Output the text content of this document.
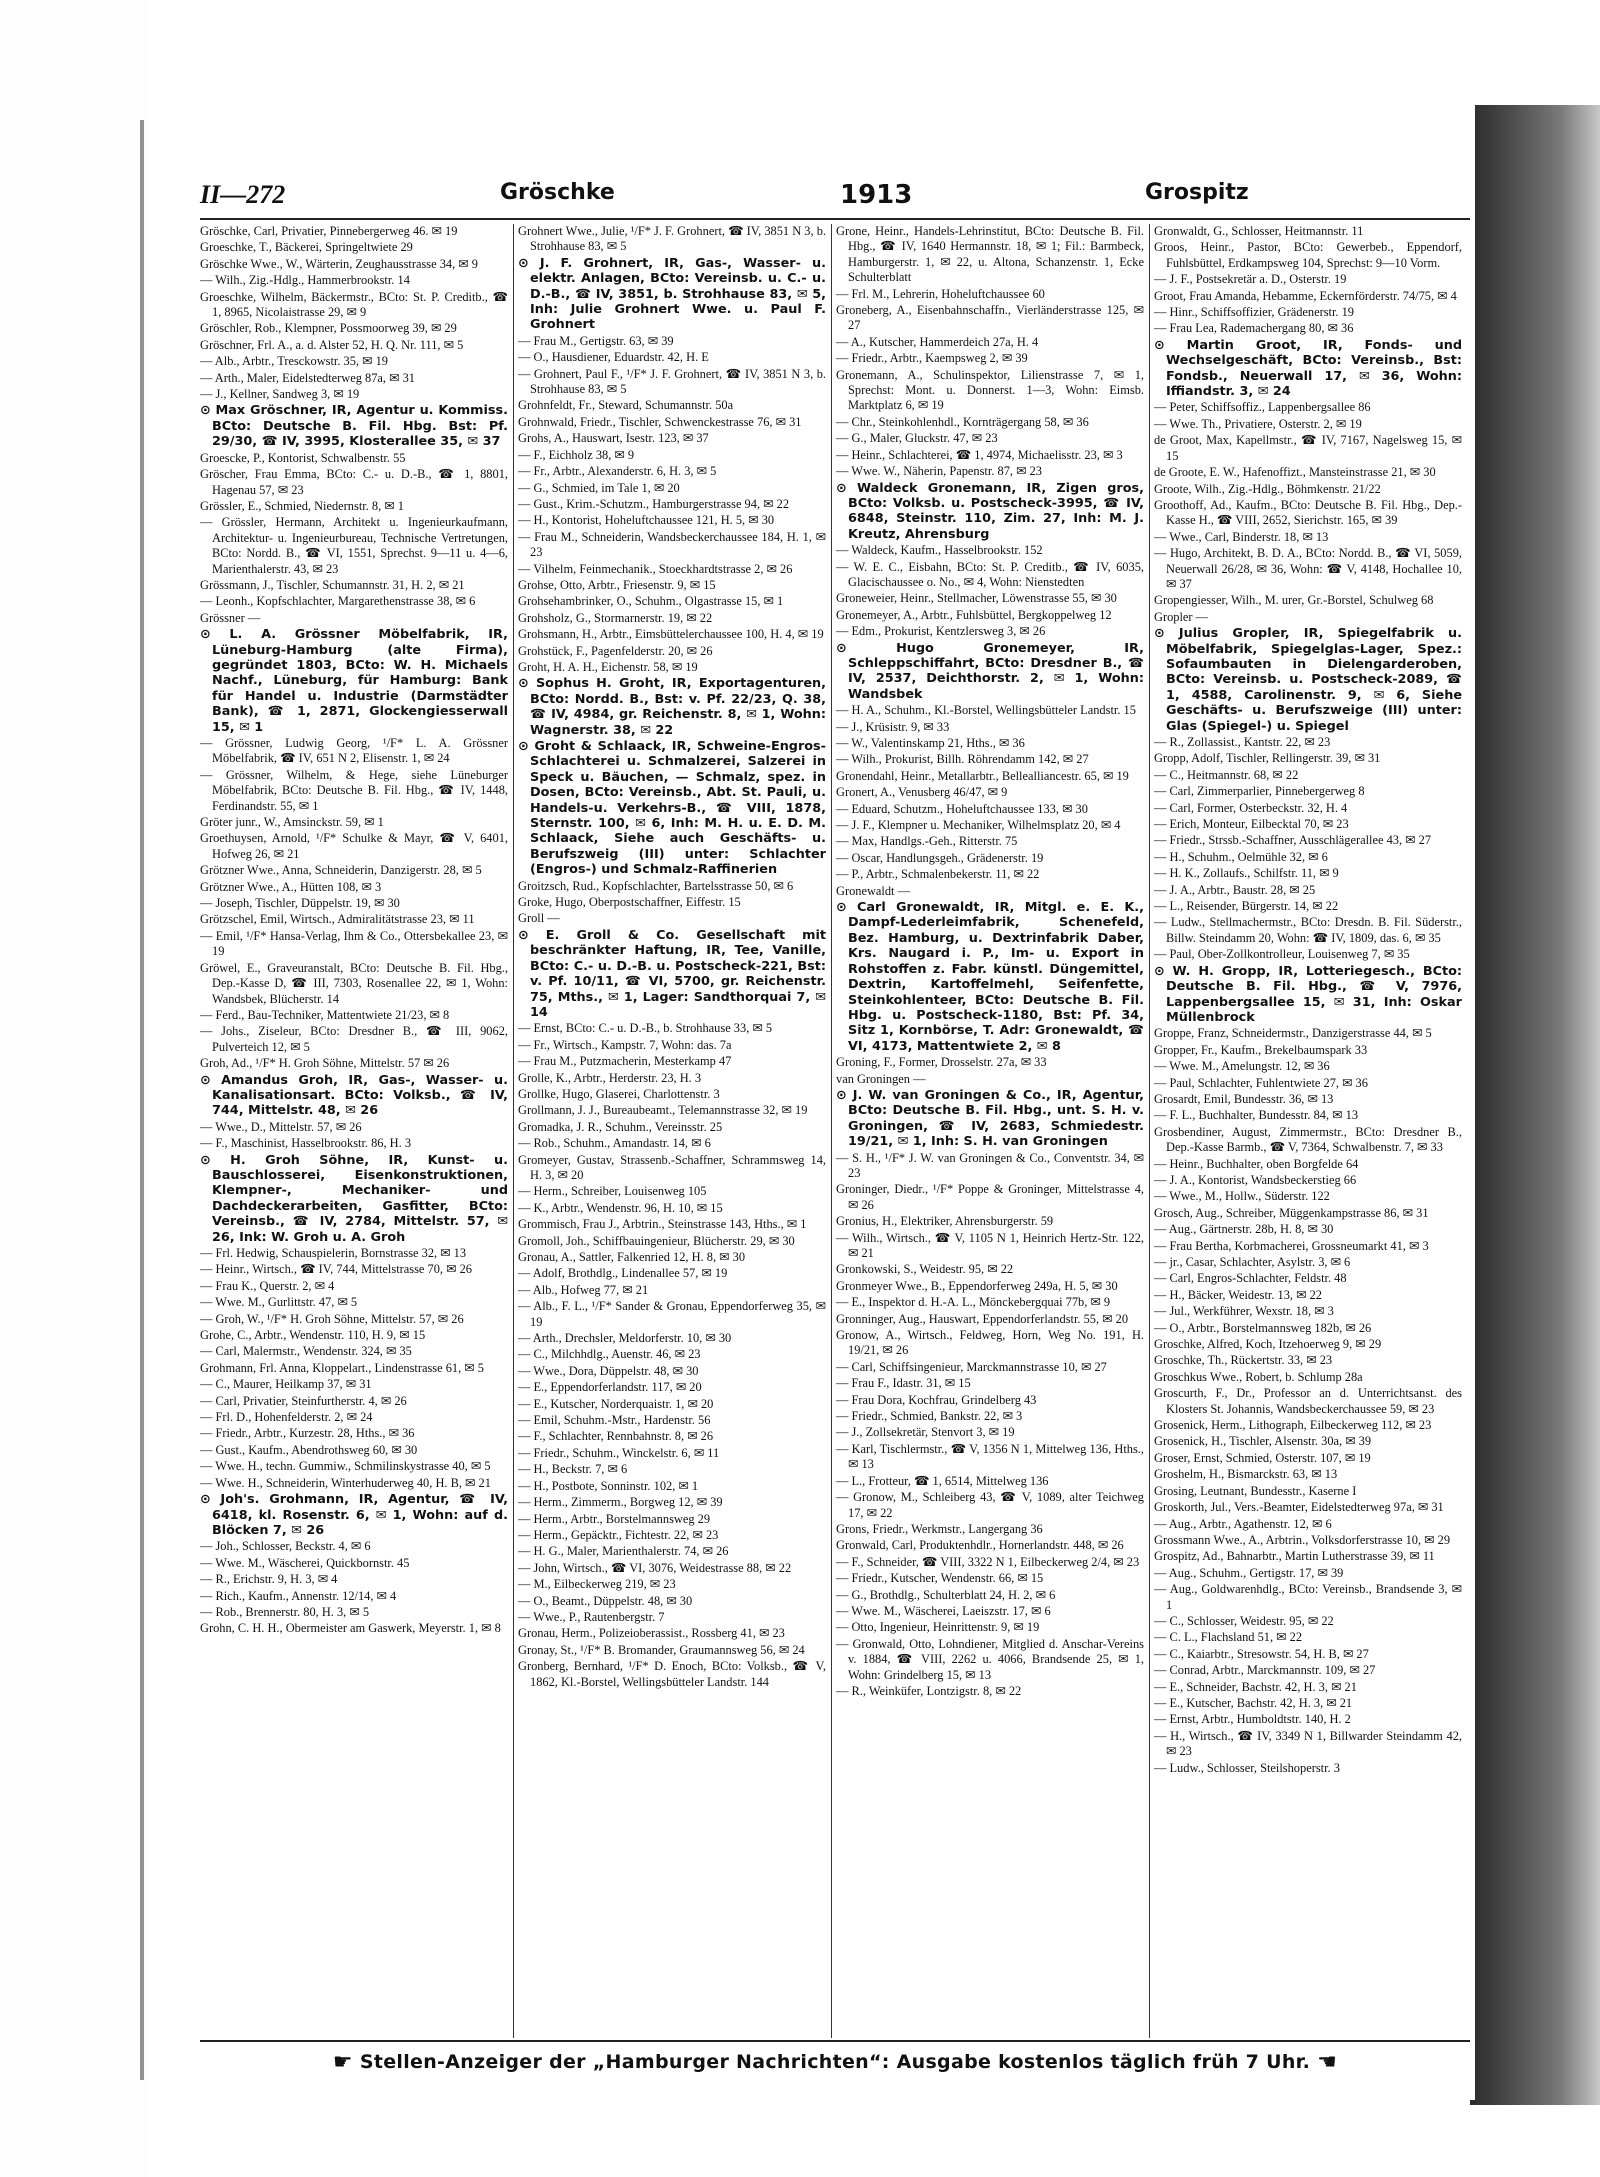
II—272	Gröschke	1913	Grospitz

Gröschke, Carl, Privatier, Pinnebergerweg 46. ✉ 19

Groeschke, T., Bäckerei, Springeltwiete 29

Gröschke Wwe., W., Wärterin, Zeughausstrasse 34, ✉ 9

— Wilh., Zig.-Hdlg., Hammerbrookstr. 14

Groeschke, Wilhelm, Bäckermstr., BCto: St. P. Creditb., ☎ 1, 8965, Nicolaistrasse 29, ✉ 9

Gröschler, Rob., Klempner, Possmoorweg 39, ✉ 29

Gröschner, Frl. A., a. d. Alster 52, H. Q. Nr. 111, ✉ 5

— Alb., Arbtr., Tresckowstr. 35, ✉ 19

— Arth., Maler, Eidelstedterweg 87a, ✉ 31

— J., Kellner, Sandweg 3, ✉ 19

⊙ Max Gröschner, IR, Agentur u. Kommiss. BCto: Deutsche B. Fil. Hbg. Bst: Pf. 29/30, ☎ IV, 3995, Klosterallee 35, ✉ 37

Groescke, P., Kontorist, Schwalbenstr. 55

Gröscher, Frau Emma, BCto: C.- u. D.-B., ☎ 1, 8801, Hagenau 57, ✉ 23

Grössler, E., Schmied, Niedernstr. 8, ✉ 1

— Grössler, Hermann, Architekt u. Ingenieurkaufmann, Architektur- u. Ingenieurbureau, Technische Vertretungen, BCto: Nordd. B., ☎ VI, 1551, Sprechst. 9—11 u. 4—6, Marienthalerstr. 43, ✉ 23

Grössmann, J., Tischler, Schumannstr. 31, H. 2, ✉ 21

— Leonh., Kopfschlachter, Margarethenstrasse 38, ✉ 6

Grössner —

⊙ L. A. Grössner Möbelfabrik, IR, Lüneburg-Hamburg (alte Firma), gegründet 1803, BCto: W. H. Michaels Nachf., Lüneburg, für Hamburg: Bank für Handel u. Industrie (Darmstädter Bank), ☎ 1, 2871, Glockengiesserwall 15, ✉ 1

— Grössner, Ludwig Georg, ¹/F* L. A. Grössner Möbelfabrik, ☎ IV, 651 N 2, Elisenstr. 1, ✉ 24

— Grössner, Wilhelm, & Hege, siehe Lüneburger Möbelfabrik, BCto: Deutsche B. Fil. Hbg., ☎ IV, 1448, Ferdinandstr. 55, ✉ 1

Gröter junr., W., Amsinckstr. 59, ✉ 1

Groethuysen, Arnold, ¹/F* Schulke & Mayr, ☎ V, 6401, Hofweg 26, ✉ 21

Grötzner Wwe., Anna, Schneiderin, Danzigerstr. 28, ✉ 5

Grötzner Wwe., A., Hütten 108, ✉ 3

— Joseph, Tischler, Düppelstr. 19, ✉ 30

Grötzschel, Emil, Wirtsch., Admiralitätstrasse 23, ✉ 11

— Emil, ¹/F* Hansa-Verlag, Ihm & Co., Ottersbekallee 23, ✉ 19

Gröwel, E., Graveuranstalt, BCto: Deutsche B. Fil. Hbg., Dep.-Kasse D, ☎ III, 7303, Rosenallee 22, ✉ 1, Wohn: Wandsbek, Blücherstr. 14

— Ferd., Bau-Techniker, Mattentwiete 21/23, ✉ 8

— Johs., Ziseleur, BCto: Dresdner B., ☎ III, 9062, Pulverteich 12, ✉ 5

Groh, Ad., ¹/F* H. Groh Söhne, Mittelstr. 57 ✉ 26

⊙ Amandus Groh, IR, Gas-, Wasser- u. Kanalisationsart. BCto: Volksb., ☎ IV, 744, Mittelstr. 48, ✉ 26

— Wwe., D., Mittelstr. 57, ✉ 26

— F., Maschinist, Hasselbrookstr. 86, H. 3

⊙ H. Groh Söhne, IR, Kunst- u. Bauschlosserei, Eisenkonstruktionen, Klempner-, Mechaniker- und Dachdeckerarbeiten, Gasfitter, BCto: Vereinsb., ☎ IV, 2784, Mittelstr. 57, ✉ 26, Ink: W. Groh u. A. Groh

— Frl. Hedwig, Schauspielerin, Bornstrasse 32, ✉ 13

— Heinr., Wirtsch., ☎ IV, 744, Mittelstrasse 70, ✉ 26

— Frau K., Querstr. 2, ✉ 4

— Wwe. M., Gurlittstr. 47, ✉ 5

— Groh, W., ¹/F* H. Groh Söhne, Mittelstr. 57, ✉ 26

Grohe, C., Arbtr., Wendenstr. 110, H. 9, ✉ 15

— Carl, Malermstr., Wendenstr. 324, ✉ 35

Grohmann, Frl. Anna, Kloppelart., Lindenstrasse 61, ✉ 5

— C., Maurer, Heilkamp 37, ✉ 31

— Carl, Privatier, Steinfurtherstr. 4, ✉ 26

— Frl. D., Hohenfelderstr. 2, ✉ 24

— Friedr., Arbtr., Kurzestr. 28, Hths., ✉ 36

— Gust., Kaufm., Abendrothsweg 60, ✉ 30

— Wwe. H., techn. Gummiw., Schmilinskystrasse 40, ✉ 5

— Wwe. H., Schneiderin, Winterhuderweg 40, H. B, ✉ 21

⊙ Joh's. Grohmann, IR, Agentur, ☎ IV, 6418, kl. Rosenstr. 6, ✉ 1, Wohn: auf d. Blöcken 7, ✉ 26

— Joh., Schlosser, Beckstr. 4, ✉ 6

— Wwe. M., Wäscherei, Quickbornstr. 45

— R., Erichstr. 9, H. 3, ✉ 4

— Rich., Kaufm., Annenstr. 12/14, ✉ 4

— Rob., Brennerstr. 80, H. 3, ✉ 5

Grohn, C. H. H., Obermeister am Gaswerk, Meyerstr. 1, ✉ 8

Grohnert Wwe., Julie, ¹/F* J. F. Grohnert, ☎ IV, 3851 N 3, b. Strohhause 83, ✉ 5

⊙ J. F. Grohnert, IR, Gas-, Wasser- u. elektr. Anlagen, BCto: Vereinsb. u. C.- u. D.-B., ☎ IV, 3851, b. Strohhause 83, ✉ 5, Inh: Julie Grohnert Wwe. u. Paul F. Grohnert

— Frau M., Gertigstr. 63, ✉ 39

— O., Hausdiener, Eduardstr. 42, H. E

— Grohnert, Paul F., ¹/F* J. F. Grohnert, ☎ IV, 3851 N 3, b. Strohhause 83, ✉ 5

Grohnfeldt, Fr., Steward, Schumannstr. 50a

Grohnwald, Friedr., Tischler, Schwenckestrasse 76, ✉ 31

Grohs, A., Hauswart, Isestr. 123, ✉ 37

— F., Eichholz 38, ✉ 9

— Fr., Arbtr., Alexanderstr. 6, H. 3, ✉ 5

— G., Schmied, im Tale 1, ✉ 20

— Gust., Krim.-Schutzm., Hamburgerstrasse 94, ✉ 22

— H., Kontorist, Hoheluftchaussee 121, H. 5, ✉ 30

— Frau M., Schneiderin, Wandsbeckerchaussee 184, H. 1, ✉ 23

— Vilhelm, Feinmechanik., Stoeckhardtstrasse 2, ✉ 26

Grohse, Otto, Arbtr., Friesenstr. 9, ✉ 15

Grohsehambrinker, O., Schuhm., Olgastrasse 15, ✉ 1

Grohsholz, G., Stormarnerstr. 19, ✉ 22

Grohsmann, H., Arbtr., Eimsbüttelerchaussee 100, H. 4, ✉ 19

Grohstück, F., Pagenfelderstr. 20, ✉ 26

Groht, H. A. H., Eichenstr. 58, ✉ 19

⊙ Sophus H. Groht, IR, Exportagenturen, BCto: Nordd. B., Bst: v. Pf. 22/23, Q. 38, ☎ IV, 4984, gr. Reichenstr. 8, ✉ 1, Wohn: Wagnerstr. 38, ✉ 22

⊙ Groht & Schlaack, IR, Schweine-Engros-Schlachterei u. Schmalzerei, Salzerei in Speck u. Bäuchen, — Schmalz, spez. in Dosen, BCto: Vereinsb., Abt. St. Pauli, u. Handels-u. Verkehrs-B., ☎ VIII, 1878, Sternstr. 100, ✉ 6, Inh: M. H. u. E. D. M. Schlaack, Siehe auch Geschäfts- u. Berufszweig (III) unter: Schlachter (Engros-) und Schmalz-Raffinerien

Groitzsch, Rud., Kopfschlachter, Bartelsstrasse 50, ✉ 6

Groke, Hugo, Oberpostschaffner, Eiffestr. 15

Groll —

⊙ E. Groll & Co. Gesellschaft mit beschränkter Haftung, IR, Tee, Vanille, BCto: C.- u. D.-B. u. Postscheck-221, Bst: v. Pf. 10/11, ☎ VI, 5700, gr. Reichenstr. 75, Mths., ✉ 1, Lager: Sandthorquai 7, ✉ 14

— Ernst, BCto: C.- u. D.-B., b. Strohhause 33, ✉ 5

— Fr., Wirtsch., Kampstr. 7, Wohn: das. 7a

— Frau M., Putzmacherin, Mesterkamp 47

Grolle, K., Arbtr., Herderstr. 23, H. 3

Grollke, Hugo, Glaserei, Charlottenstr. 3

Grollmann, J. J., Bureaubeamt., Telemannstrasse 32, ✉ 19

Gromadka, J. R., Schuhm., Vereinsstr. 25

— Rob., Schuhm., Amandastr. 14, ✉ 6

Gromeyer, Gustav, Strassenb.-Schaffner, Schrammsweg 14, H. 3, ✉ 20

— Herm., Schreiber, Louisenweg 105

— K., Arbtr., Wendenstr. 96, H. 10, ✉ 15

Grommisch, Frau J., Arbtrin., Steinstrasse 143, Hths., ✉ 1

Gromoll, Joh., Schiffbauingenieur, Blücherstr. 29, ✉ 30

Gronau, A., Sattler, Falkenried 12, H. 8, ✉ 30

— Adolf, Brothdlg., Lindenallee 57, ✉ 19

— Alb., Hofweg 77, ✉ 21

— Alb., F. L., ¹/F* Sander & Gronau, Eppendorferweg 35, ✉ 19

— Arth., Drechsler, Meldorferstr. 10, ✉ 30

— C., Milchhdlg., Auenstr. 46, ✉ 23

— Wwe., Dora, Düppelstr. 48, ✉ 30

— E., Eppendorferlandstr. 117, ✉ 20

— E., Kutscher, Norderquaistr. 1, ✉ 20

— Emil, Schuhm.-Mstr., Hardenstr. 56

— F., Schlachter, Rennbahnstr. 8, ✉ 26

— Friedr., Schuhm., Winckelstr. 6, ✉ 11

— H., Beckstr. 7, ✉ 6

— H., Postbote, Sonninstr. 102, ✉ 1

— Herm., Zimmerm., Borgweg 12, ✉ 39

— Herm., Arbtr., Borstelmannsweg 29

— Herm., Gepäcktr., Fichtestr. 22, ✉ 23

— H. G., Maler, Marienthalerstr. 74, ✉ 26

— John, Wirtsch., ☎ VI, 3076, Weidestrasse 88, ✉ 22

— M., Eilbeckerweg 219, ✉ 23

— O., Beamt., Düppelstr. 48, ✉ 30

— Wwe., P., Rautenbergstr. 7

Gronau, Herm., Polizeioberassist., Rossberg 41, ✉ 23

Gronay, St., ¹/F* B. Bromander, Graumannsweg 56, ✉ 24

Gronberg, Bernhard, ¹/F* D. Enoch, BCto: Volksb., ☎ V, 1862, Kl.-Borstel, Wellingsbütteler Landstr. 144

Grone, Heinr., Handels-Lehrinstitut, BCto: Deutsche B. Fil. Hbg., ☎ IV, 1640 Hermannstr. 18, ✉ 1; Fil.: Barmbeck, Hamburgerstr. 1, ✉ 22, u. Altona, Schanzenstr. 1, Ecke Schulterblatt

— Frl. M., Lehrerin, Hoheluftchaussee 60

Groneberg, A., Eisenbahnschaffn., Vierländerstrasse 125, ✉ 27

— A., Kutscher, Hammerdeich 27a, H. 4

— Friedr., Arbtr., Kaempsweg 2, ✉ 39

Gronemann, A., Schulinspektor, Lilienstrasse 7, ✉ 1, Sprechst: Mont. u. Donnerst. 1—3, Wohn: Eimsb. Marktplatz 6, ✉ 19

— Chr., Steinkohlenhdl., Kornträgergang 58, ✉ 36

— G., Maler, Gluckstr. 47, ✉ 23

— Heinr., Schlachterei, ☎ 1, 4974, Michaelisstr. 23, ✉ 3

— Wwe. W., Näherin, Papenstr. 87, ✉ 23

⊙ Waldeck Gronemann, IR, Zigen gros, BCto: Volksb. u. Postscheck-3995, ☎ IV, 6848, Steinstr. 110, Zim. 27, Inh: M. J. Kreutz, Ahrensburg

— Waldeck, Kaufm., Hasselbrookstr. 152

— W. E. C., Eisbahn, BCto: St. P. Creditb., ☎ IV, 6035, Glacischaussee o. No., ✉ 4, Wohn: Nienstedten

Groneweier, Heinr., Stellmacher, Löwenstrasse 55, ✉ 30

Gronemeyer, A., Arbtr., Fuhlsbüttel, Bergkoppelweg 12

— Edm., Prokurist, Kentzlersweg 3, ✉ 26

⊙ Hugo Gronemeyer, IR, Schleppschiffahrt, BCto: Dresdner B., ☎ IV, 2537, Deichthorstr. 2, ✉ 1, Wohn: Wandsbek

— H. A., Schuhm., Kl.-Borstel, Wellingsbütteler Landstr. 15

— J., Krüsistr. 9, ✉ 33

— W., Valentinskamp 21, Hths., ✉ 36

— Wilh., Prokurist, Billh. Röhrendamm 142, ✉ 27

Gronendahl, Heinr., Metallarbtr., Bellealliancestr. 65, ✉ 19

Gronert, A., Venusberg 46/47, ✉ 9

— Eduard, Schutzm., Hoheluftchaussee 133, ✉ 30

— J. F., Klempner u. Mechaniker, Wilhelmsplatz 20, ✉ 4

— Max, Handlgs.-Geh., Ritterstr. 75

— Oscar, Handlungsgeh., Grädenerstr. 19

— P., Arbtr., Schmalenbekerstr. 11, ✉ 22

Gronewaldt —

⊙ Carl Gronewaldt, IR, Mitgl. e. E. K., Dampf-Lederleimfabrik, Schenefeld, Bez. Hamburg, u. Dextrinfabrik Daber, Krs. Naugard i. P., Im- u. Export in Rohstoffen z. Fabr. künstl. Düngemittel, Dextrin, Kartoffelmehl, Seifenfette, Steinkohlenteer, BCto: Deutsche B. Fil. Hbg. u. Postscheck-1180, Bst: Pf. 34, Sitz 1, Kornbörse, T. Adr: Gronewaldt, ☎ VI, 4173, Mattentwiete 2, ✉ 8

Groning, F., Former, Drosselstr. 27a, ✉ 33

van Groningen —

⊙ J. W. van Groningen & Co., IR, Agentur, BCto: Deutsche B. Fil. Hbg., unt. S. H. v. Groningen, ☎ IV, 2683, Schmiedestr. 19/21, ✉ 1, Inh: S. H. van Groningen

— S. H., ¹/F* J. W. van Groningen & Co., Conventstr. 34, ✉ 23

Groninger, Diedr., ¹/F* Poppe & Groninger, Mittelstrasse 4, ✉ 26

Gronius, H., Elektriker, Ahrensburgerstr. 59

— Wilh., Wirtsch., ☎ V, 1105 N 1, Heinrich Hertz-Str. 122, ✉ 21

Gronkowski, S., Weidestr. 95, ✉ 22

Gronmeyer Wwe., B., Eppendorferweg 249a, H. 5, ✉ 30

— E., Inspektor d. H.-A. L., Mönckebergquai 77b, ✉ 9

Gronninger, Aug., Hauswart, Eppendorferlandstr. 55, ✉ 20

Gronow, A., Wirtsch., Feldweg, Horn, Weg No. 191, H. 19/21, ✉ 26

— Carl, Schiffsingenieur, Marckmannstrasse 10, ✉ 27

— Frau F., Idastr. 31, ✉ 15

— Frau Dora, Kochfrau, Grindelberg 43

— Friedr., Schmied, Bankstr. 22, ✉ 3

— J., Zollsekretär, Stenvort 3, ✉ 19

— Karl, Tischlermstr., ☎ V, 1356 N 1, Mittelweg 136, Hths., ✉ 13

— L., Frotteur, ☎ 1, 6514, Mittelweg 136

— Gronow, M., Schleiberg 43, ☎ V, 1089, alter Teichweg 17, ✉ 22

Grons, Friedr., Werkmstr., Langergang 36

Gronwald, Carl, Produktenhdlr., Hornerlandstr. 448, ✉ 26

— F., Schneider, ☎ VIII, 3322 N 1, Eilbeckerweg 2/4, ✉ 23

— Friedr., Kutscher, Wendenstr. 66, ✉ 15

— G., Brothdlg., Schulterblatt 24, H. 2, ✉ 6

— Wwe. M., Wäscherei, Laeiszstr. 17, ✉ 6

— Otto, Ingenieur, Heinrittenstr. 9, ✉ 19

— Gronwald, Otto, Lohndiener, Mitglied d. Anschar-Vereins v. 1884, ☎ VIII, 2262 u. 4066, Brandsende 25, ✉ 1, Wohn: Grindelberg 15, ✉ 13

— R., Weinküfer, Lontzigstr. 8, ✉ 22

Gronwaldt, G., Schlosser, Heitmannstr. 11

Groos, Heinr., Pastor, BCto: Gewerbeb., Eppendorf, Fuhlsbüttel, Erdkampsweg 104, Sprechst: 9—10 Vorm.

— J. F., Postsekretär a. D., Osterstr. 19

Groot, Frau Amanda, Hebamme, Eckernförderstr. 74/75, ✉ 4

— Hinr., Schiffsoffizier, Grädenerstr. 19

— Frau Lea, Rademachergang 80, ✉ 36

⊙ Martin Groot, IR, Fonds- und Wechselgeschäft, BCto: Vereinsb., Bst: Fondsb., Neuerwall 17, ✉ 36, Wohn: Iffiandstr. 3, ✉ 24

— Peter, Schiffsoffiz., Lappenbergsallee 86

— Wwe. Th., Privatiere, Osterstr. 2, ✉ 19

de Groot, Max, Kapellmstr., ☎ IV, 7167, Nagelsweg 15, ✉ 15

de Groote, E. W., Hafenoffizt., Mansteinstrasse 21, ✉ 30

Groote, Wilh., Zig.-Hdlg., Böhmkenstr. 21/22

Groothoff, Ad., Kaufm., BCto: Deutsche B. Fil. Hbg., Dep.-Kasse H., ☎ VIII, 2652, Sierichstr. 165, ✉ 39

— Wwe., Carl, Binderstr. 18, ✉ 13

— Hugo, Architekt, B. D. A., BCto: Nordd. B., ☎ VI, 5059, Neuerwall 26/28, ✉ 36, Wohn: ☎ V, 4148, Hochallee 10, ✉ 37

Gropengiesser, Wilh., M. urer, Gr.-Borstel, Schulweg 68

Gropler —

⊙ Julius Gropler, IR, Spiegelfabrik u. Möbelfabrik, Spiegelglas-Lager, Spez.: Sofaumbauten in Dielengarderoben, BCto: Vereinsb. u. Postscheck-2089, ☎ 1, 4588, Carolinenstr. 9, ✉ 6, Siehe Geschäfts- u. Berufszweige (III) unter: Glas (Spiegel-) u. Spiegel

— R., Zollassist., Kantstr. 22, ✉ 23

Gropp, Adolf, Tischler, Rellingerstr. 39, ✉ 31

— C., Heitmannstr. 68, ✉ 22

— Carl, Zimmerparlier, Pinnebergerweg 8

— Carl, Former, Osterbeckstr. 32, H. 4

— Erich, Monteur, Eilbecktal 70, ✉ 23

— Friedr., Strssb.-Schaffner, Ausschlägerallee 43, ✉ 27

— H., Schuhm., Oelmühle 32, ✉ 6

— H. K., Zollaufs., Schilfstr. 11, ✉ 9

— J. A., Arbtr., Baustr. 28, ✉ 25

— L., Reisender, Bürgerstr. 14, ✉ 22

— Ludw., Stellmachermstr., BCto: Dresdn. B. Fil. Süderstr., Billw. Steindamm 20, Wohn: ☎ IV, 1809, das. 6, ✉ 35

— Paul, Ober-Zollkontrolleur, Louisenweg 7, ✉ 35

⊙ W. H. Gropp, IR, Lotteriegesch., BCto: Deutsche B. Fil. Hbg., ☎ V, 7976, Lappenbergsallee 15, ✉ 31, Inh: Oskar Müllenbrock

Groppe, Franz, Schneidermstr., Danzigerstrasse 44, ✉ 5

Gropper, Fr., Kaufm., Brekelbaumspark 33

— Wwe. M., Amelungstr. 12, ✉ 36

— Paul, Schlachter, Fuhlentwiete 27, ✉ 36

Grosardt, Emil, Bundesstr. 36, ✉ 13

— F. L., Buchhalter, Bundesstr. 84, ✉ 13

Grosbendiner, August, Zimmermstr., BCto: Dresdner B., Dep.-Kasse Barmb., ☎ V, 7364, Schwalbenstr. 7, ✉ 33

— Heinr., Buchhalter, oben Borgfelde 64

— J. A., Kontorist, Wandsbeckerstieg 66

— Wwe., M., Hollw., Süderstr. 122

Grosch, Aug., Schreiber, Müggenkampstrasse 86, ✉ 31

— Aug., Gärtnerstr. 28b, H. 8, ✉ 30

— Frau Bertha, Korbmacherei, Grossneumarkt 41, ✉ 3

— jr., Casar, Schlachter, Asylstr. 3, ✉ 6

— Carl, Engros-Schlachter, Feldstr. 48

— H., Bäcker, Weidestr. 13, ✉ 22

— Jul., Werkführer, Wexstr. 18, ✉ 3

— O., Arbtr., Borstelmannsweg 182b, ✉ 26

Groschke, Alfred, Koch, Itzehoerweg 9, ✉ 29

Groschke, Th., Rückertstr. 33, ✉ 23

Groschkus Wwe., Robert, b. Schlump 28a

Groscurth, F., Dr., Professor an d. Unterrichtsanst. des Klosters St. Johannis, Wandsbeckerchaussee 59, ✉ 23

Grosenick, Herm., Lithograph, Eilbeckerweg 112, ✉ 23

Grosenick, H., Tischler, Alsenstr. 30a, ✉ 39

Groser, Ernst, Schmied, Osterstr. 107, ✉ 19

Groshelm, H., Bismarckstr. 63, ✉ 13

Grosing, Leutnant, Bundesstr., Kaserne I

Groskorth, Jul., Vers.-Beamter, Eidelstedterweg 97a, ✉ 31

— Aug., Arbtr., Agathenstr. 12, ✉ 6

Grossmann Wwe., A., Arbtrin., Volksdorferstrasse 10, ✉ 29

Grospitz, Ad., Bahnarbtr., Martin Lutherstrasse 39, ✉ 11

— Aug., Schuhm., Gertigstr. 17, ✉ 39

— Aug., Goldwarenhdlg., BCto: Vereinsb., Brandsende 3, ✉ 1

— C., Schlosser, Weidestr. 95, ✉ 22

— C. L., Flachsland 51, ✉ 22

— C., Kaiarbtr., Stresowstr. 54, H. B, ✉ 27

— Conrad, Arbtr., Marckmannstr. 109, ✉ 27

— E., Schneider, Bachstr. 42, H. 3, ✉ 21

— E., Kutscher, Bachstr. 42, H. 3, ✉ 21

— Ernst, Arbtr., Humboldtstr. 140, H. 2

— H., Wirtsch., ☎ IV, 3349 N 1, Billwarder Steindamm 42, ✉ 23

— Ludw., Schlosser, Steilshoperstr. 3

☛ Stellen-Anzeiger der „Hamburger Nachrichten“: Ausgabe kostenlos täglich früh 7 Uhr. ☚
